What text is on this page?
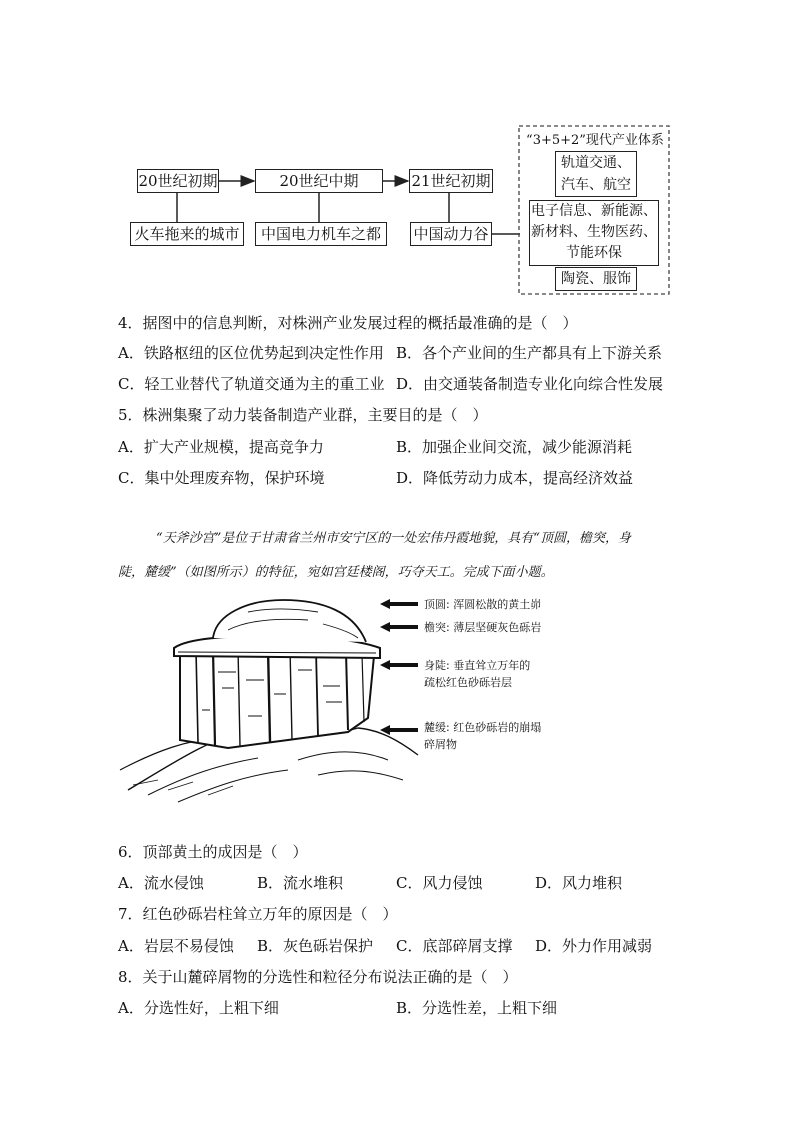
20世纪初期
火车拖来的城市
20世纪中期
中国电力机车之都
21世纪初期
中国动力谷
“3+5+2”现代产业体系
轨道交通、汽车、航空
电子信息、新能源、新材料、生物医药、节能环保
陶瓷、服饰
4．据图中的信息判断，对株洲产业发展过程的概括最准确的是（　）
A．铁路枢纽的区位优势起到决定性作用 B．各个产业间的生产都具有上下游关系
C．轻工业替代了轨道交通为主的重工业 D．由交通装备制造专业化向综合性发展
5．株洲集聚了动力装备制造产业群，主要目的是（　）
A．扩大产业规模，提高竞争力	B．加强企业间交流，减少能源消耗
C．集中处理废弃物，保护环境	D．降低劳动力成本，提高经济效益
“天斧沙宫”是位于甘肃省兰州市安宁区的一处宏伟丹霞地貌，具有“顶圆，檐突，身
陡，麓缓”（如图所示）的特征，宛如宫廷楼阁，巧夺天工。完成下面小题。
顶圆: 浑圆松散的黄土峁
檐突: 薄层坚硬灰色砾岩
身陡: 垂直耸立万年的
疏松红色砂砾岩层
麓缓: 红色砂砾岩的崩塌
碎屑物
6．顶部黄土的成因是（　）
A．流水侵蚀	B．流水堆积	C．风力侵蚀	D．风力堆积
7．红色砂砾岩柱耸立万年的原因是（　）
A．岩层不易侵蚀 B．灰色砾岩保护 C．底部碎屑支撑 D．外力作用减弱
8．关于山麓碎屑物的分选性和粒径分布说法正确的是（　）
A．分选性好，上粗下细	B．分选性差，上粗下细
